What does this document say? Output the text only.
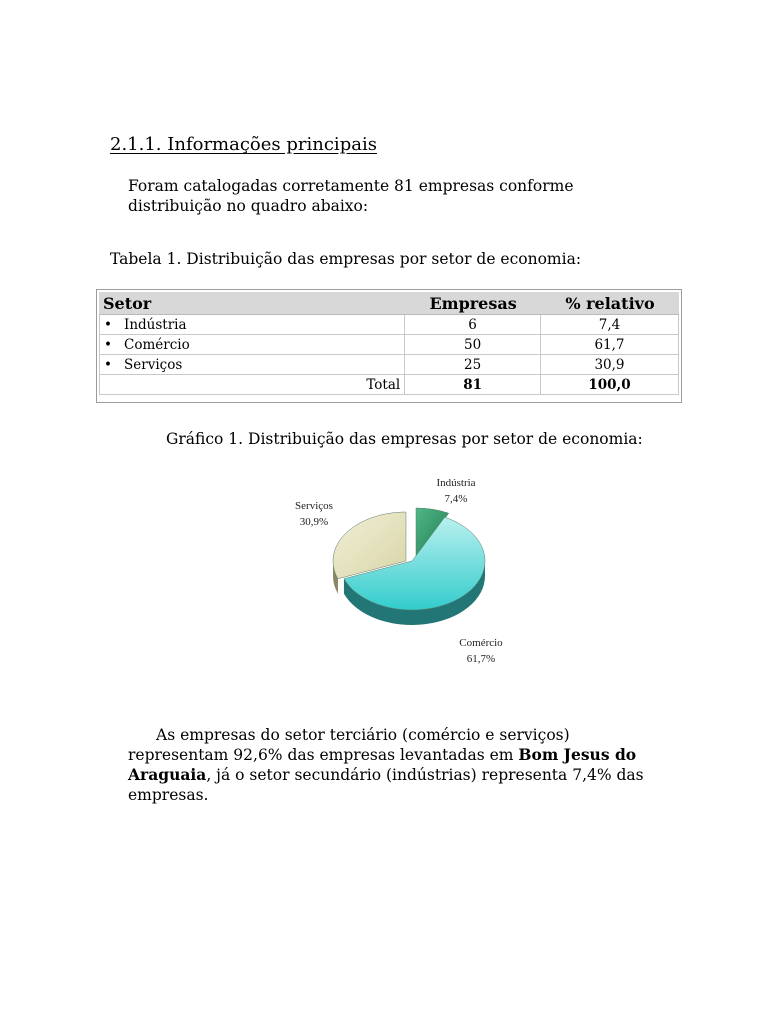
2.1.1. Informações principais

Foram catalogadas corretamente 81 empresas conforme distribuição no quadro abaixo:

Tabela 1. Distribuição das empresas por setor de economia:

Setor	Empresas	% relativo
• Indústria	6	7,4
• Comércio	50	61,7
• Serviços	25	30,9
Total	81	100,0

Gráfico 1. Distribuição das empresas por setor de economia:

Indústria
7,4%
Comércio
61,7%
Serviços
30,9%

As empresas do setor terciário (comércio e serviços) representam 92,6% das empresas levantadas em Bom Jesus do Araguaia, já o setor secundário (indústrias) representa 7,4% das empresas.
